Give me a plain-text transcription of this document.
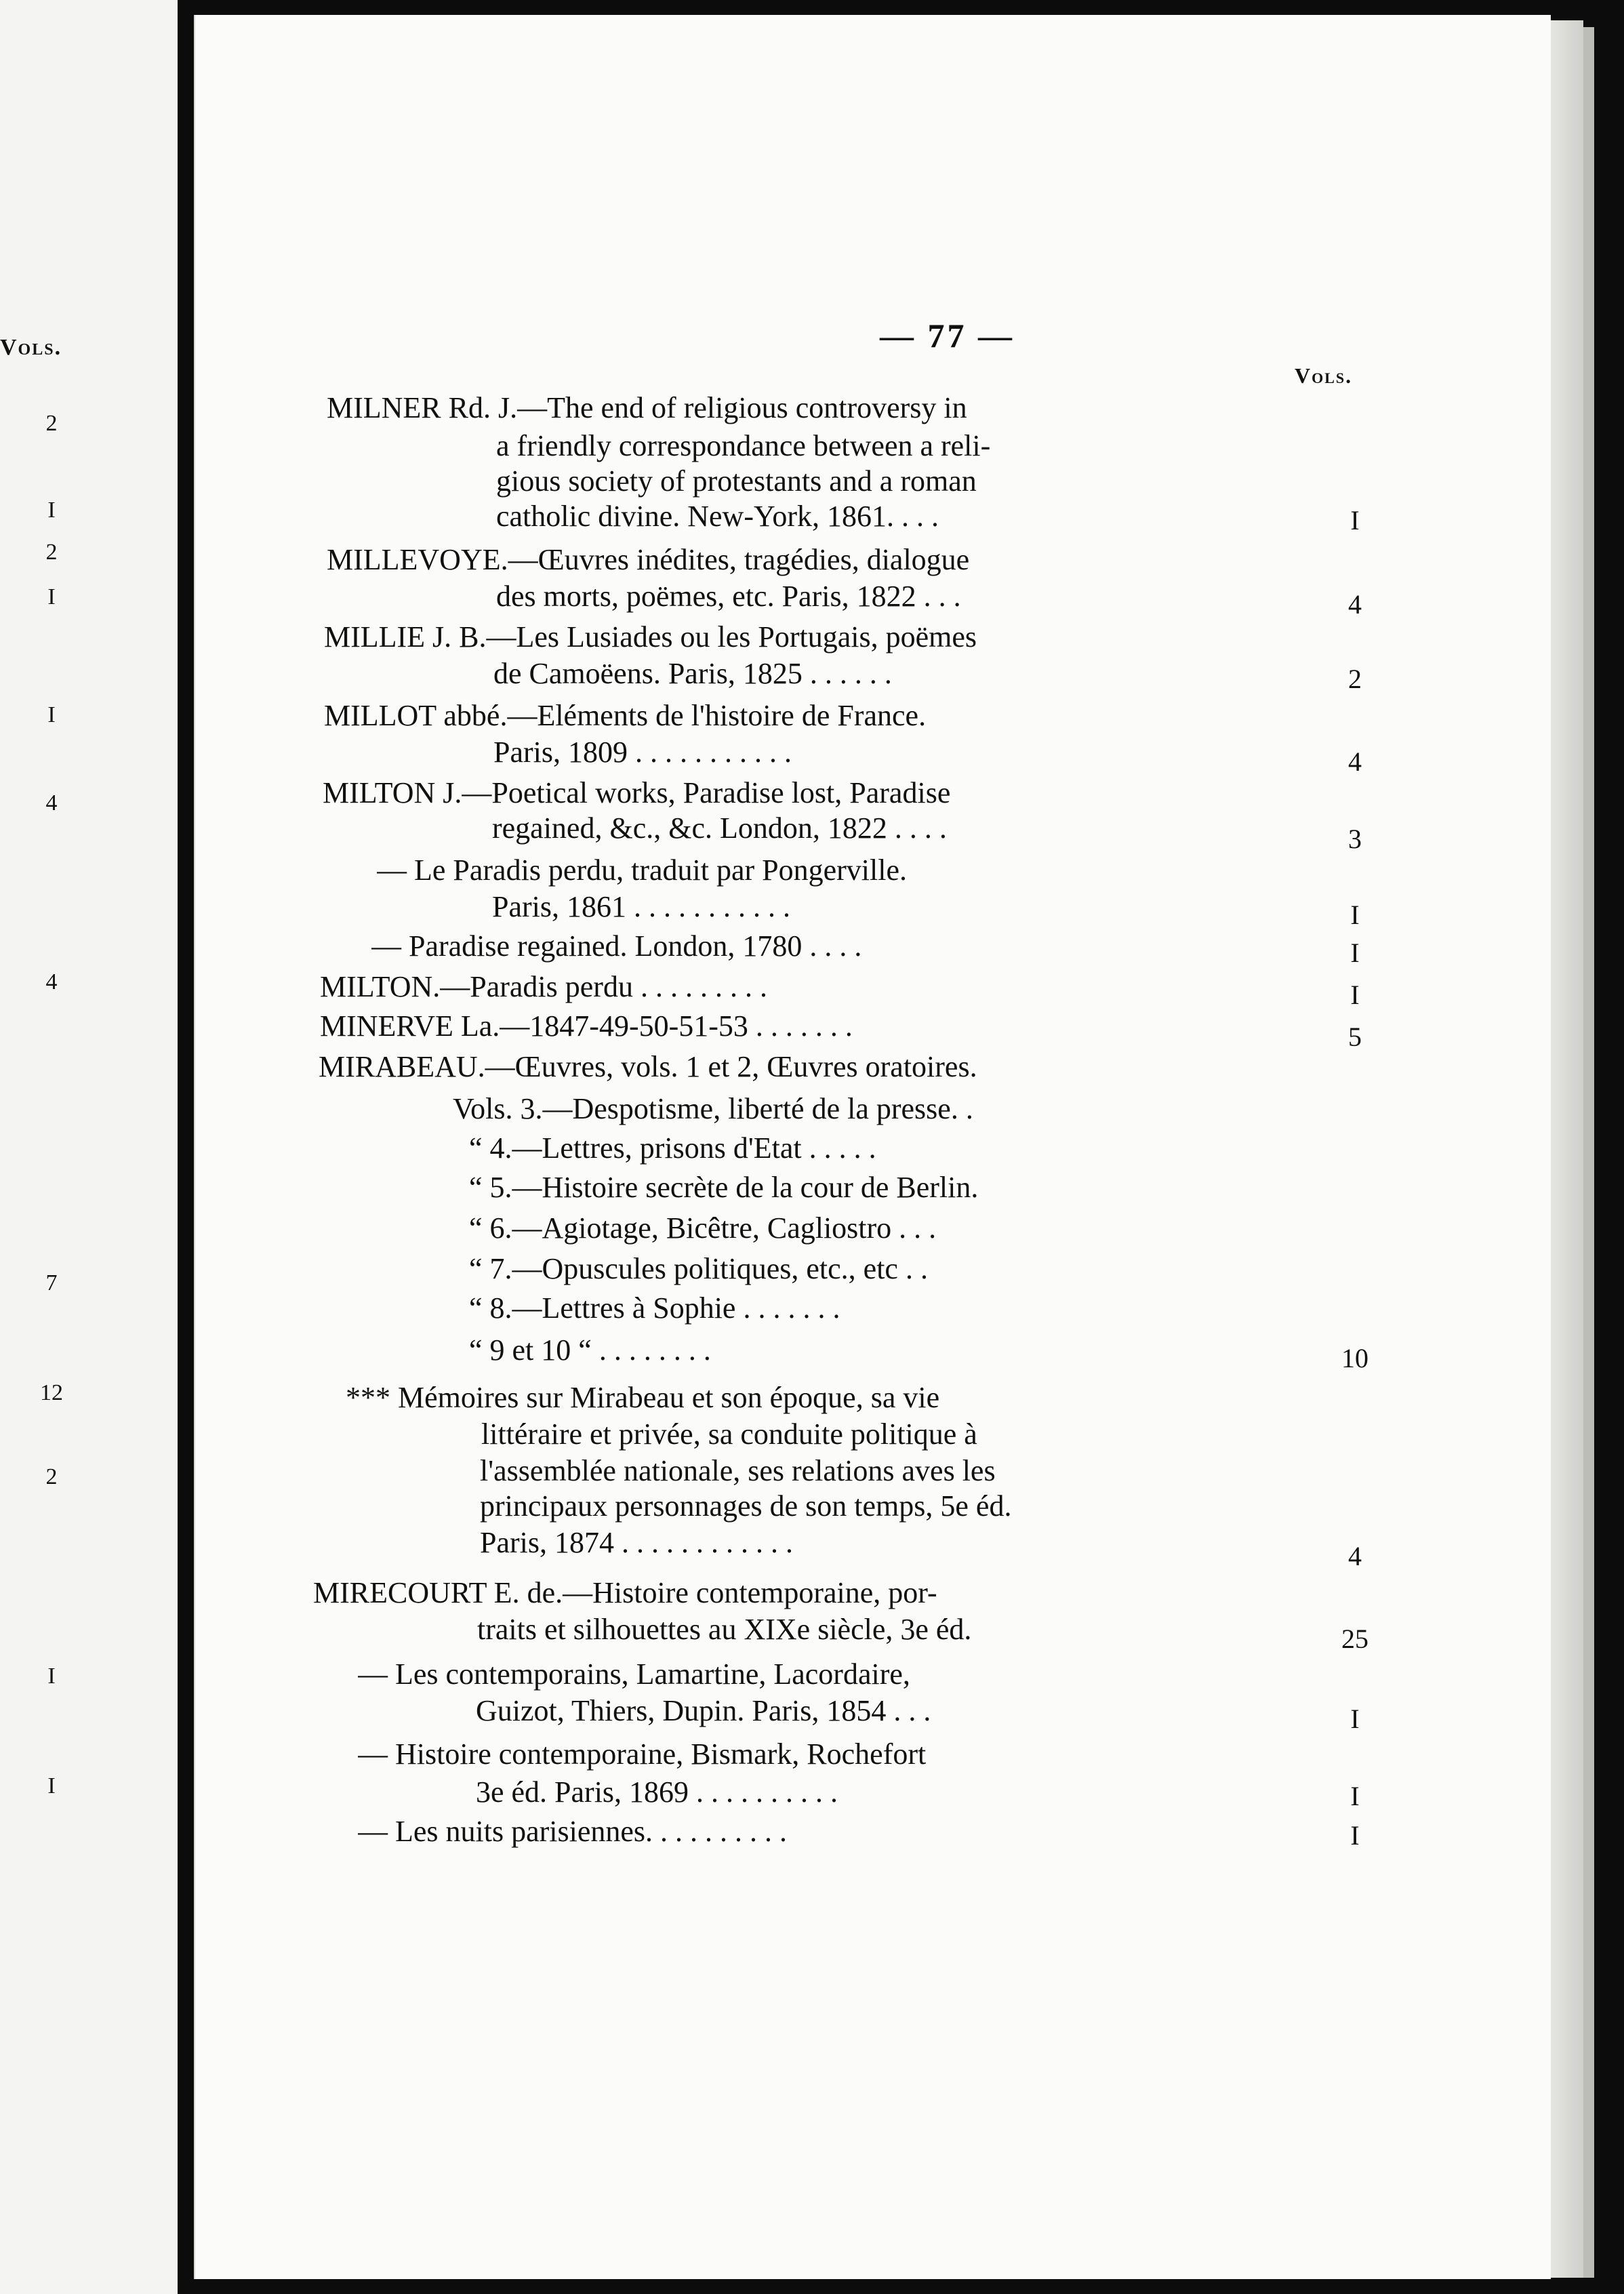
Vols.
2
I
2
I
I
4
4
7
12
2
I
I
— 77 —
Vols.
MILNER Rd. J.—The end of religious controversy in
a friendly correspondance between a reli-
gious society of protestants and a roman
catholic divine. New-York, 1861. . . .
MILLEVOYE.—Œuvres inédites, tragédies, dialogue
des morts, poëmes, etc. Paris, 1822 . . .
MILLIE J. B.—Les Lusiades ou les Portugais, poëmes
de Camoëens. Paris, 1825 . . . . . .
MILLOT abbé.—Eléments de l'histoire de France.
Paris, 1809 . . . . . . . . . . .
MILTON J.—Poetical works, Paradise lost, Paradise
regained, &c., &c. London, 1822 . . . .
— Le Paradis perdu, traduit par Pongerville.
Paris, 1861 . . . . . . . . . . .
— Paradise regained. London, 1780 . . . .
MILTON.—Paradis perdu . . . . . . . . .
MINERVE La.—1847-49-50-51-53 . . . . . . .
MIRABEAU.—Œuvres, vols. 1 et 2, Œuvres oratoires.
Vols. 3.—Despotisme, liberté de la presse. .
“ 4.—Lettres, prisons d'Etat . . . . .
“ 5.—Histoire secrète de la cour de Berlin.
“ 6.—Agiotage, Bicêtre, Cagliostro . . .
“ 7.—Opuscules politiques, etc., etc . .
“ 8.—Lettres à Sophie . . . . . . .
“ 9 et 10 “ . . . . . . . .
*** Mémoires sur Mirabeau et son époque, sa vie
littéraire et privée, sa conduite politique à
l'assemblée nationale, ses relations aves les
principaux personnages de son temps, 5e éd.
Paris, 1874 . . . . . . . . . . . .
MIRECOURT E. de.—Histoire contemporaine, por-
traits et silhouettes au XIXe siècle, 3e éd.
— Les contemporains, Lamartine, Lacordaire,
Guizot, Thiers, Dupin. Paris, 1854 . . .
— Histoire contemporaine, Bismark, Rochefort
3e éd. Paris, 1869 . . . . . . . . . .
— Les nuits parisiennes. . . . . . . . . .
I
4
2
4
3
I
I
I
5
10
4
25
I
I
I
